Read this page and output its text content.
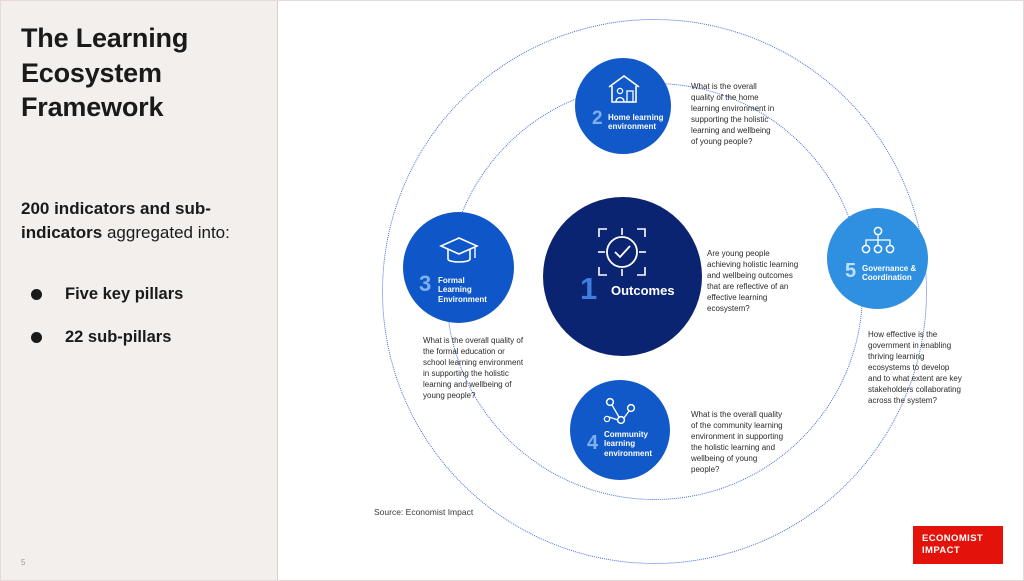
The Learning Ecosystem Framework
200 indicators and sub-indicators aggregated into:
Five key pillars
22 sub-pillars
5
1 Outcomes
2 Home learning environment
3 Formal Learning Environment
4 Community learning environment
5 Governance & Coordination
Are young people achieving holistic learning and wellbeing outcomes that are reflective of an effective learning ecosystem?
What is the overall quality of the home learning environment in supporting the holistic learning and wellbeing of young people?
What is the overall quality of the formal education or school learning environment in supporting the holistic learning and wellbeing of young people?
What is the overall quality of the community learning environment in supporting the holistic learning and wellbeing of young people?
How effective is the government in enabling thriving learning ecosystems to develop and to what extent are key stakeholders collaborating across the system?
Source: Economist Impact
ECONOMIST
IMPACT
